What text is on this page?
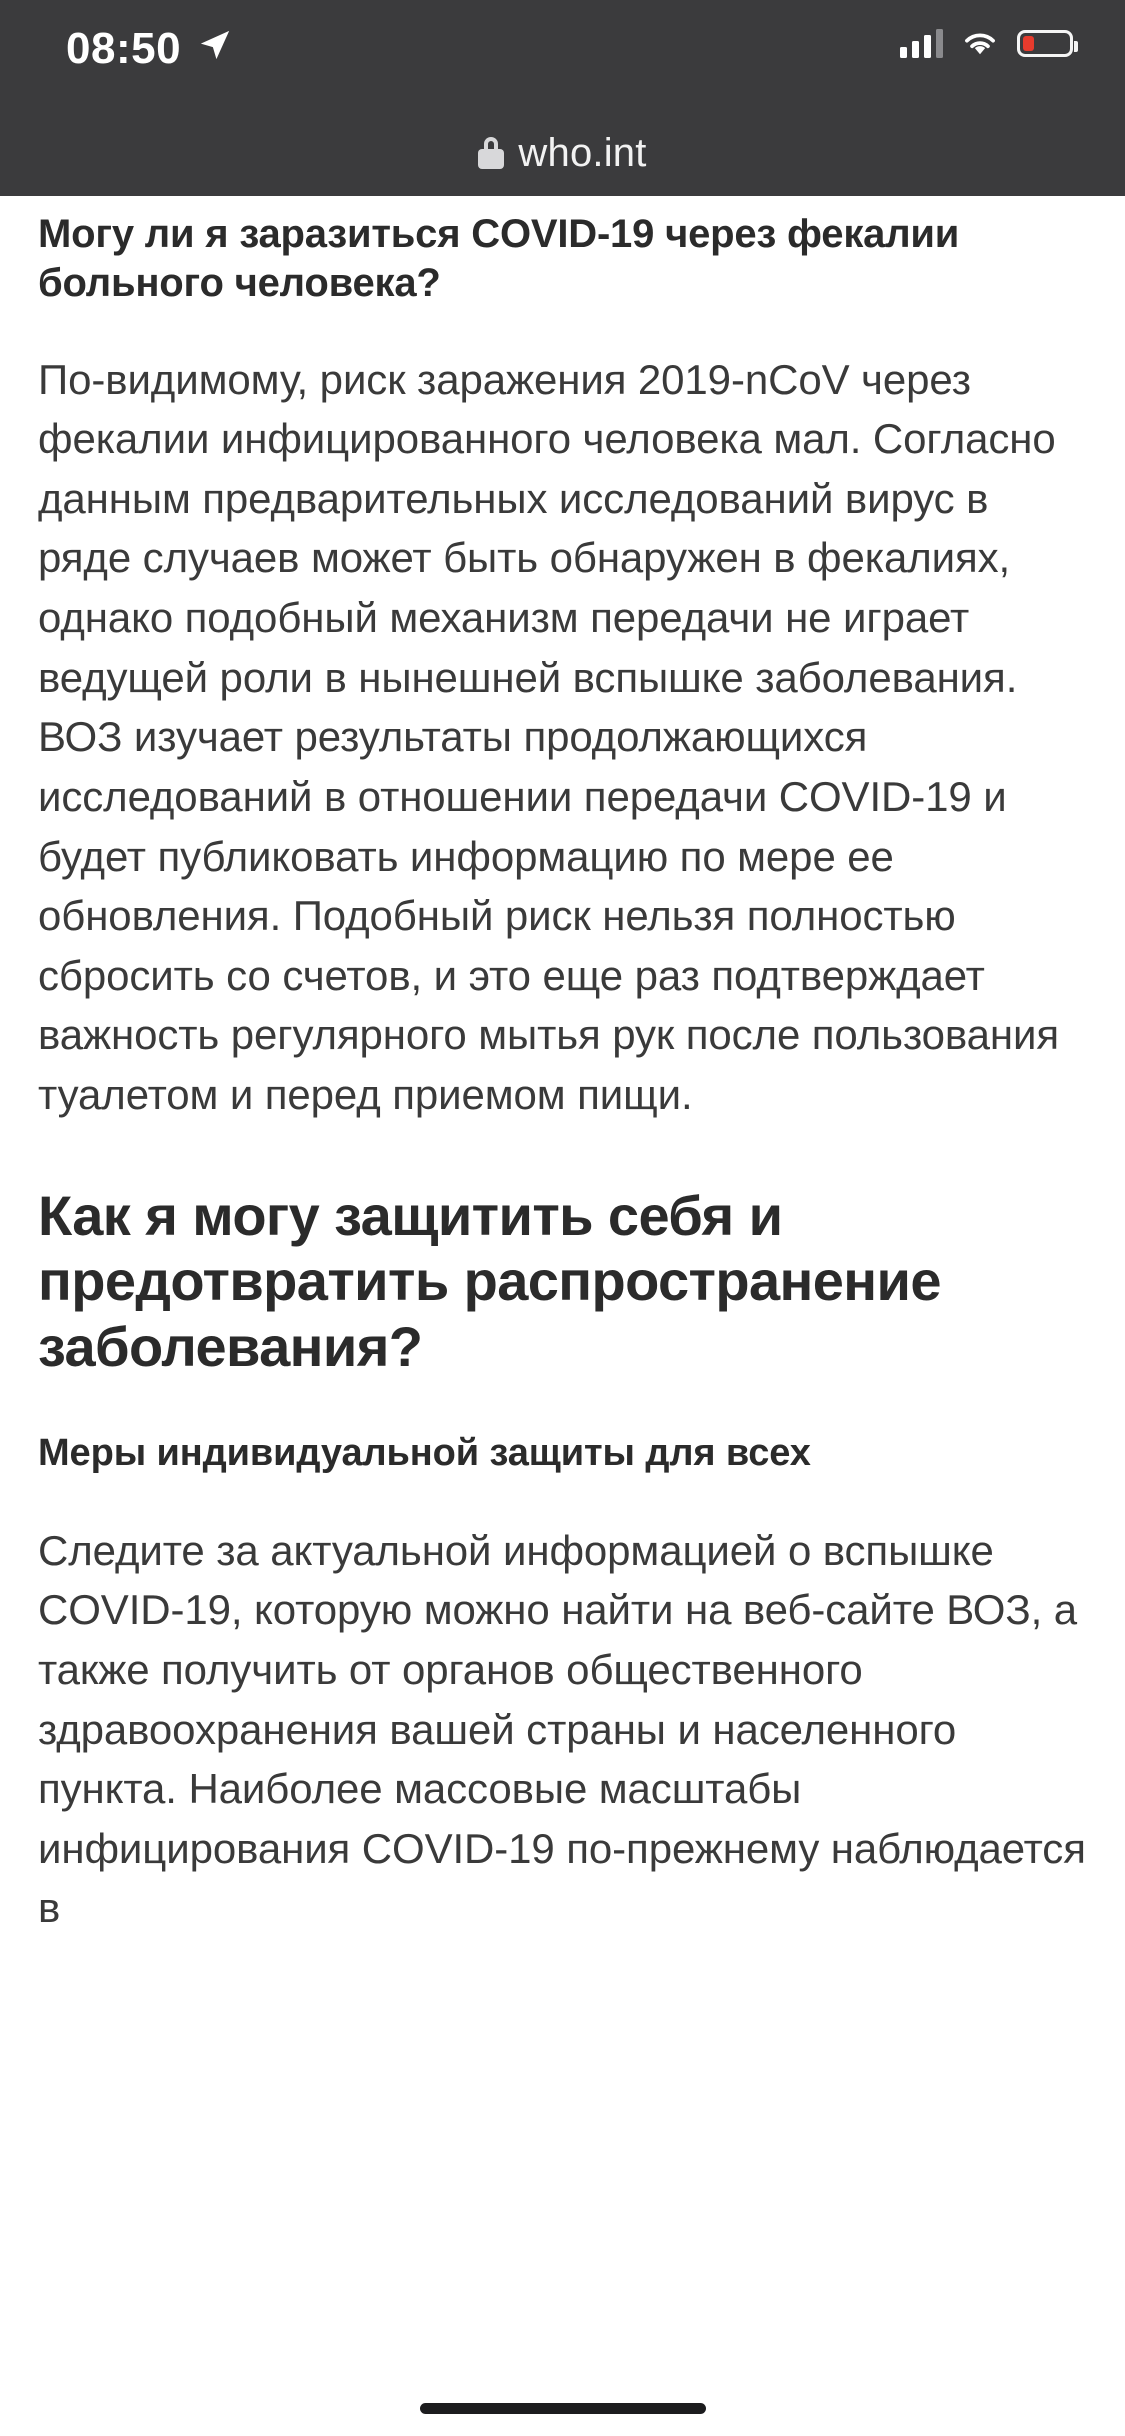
08:50
who.int
Могу ли я заразиться COVID-19 через фекалии больного человека?

По-видимому, риск заражения 2019-nCoV через фекалии инфицированного человека мал. Согласно данным предварительных исследований вирус в ряде случаев может быть обнаружен в фекалиях, однако подобный механизм передачи не играет ведущей роли в нынешней вспышке заболевания. ВОЗ изучает результаты продолжающихся исследований в отношении передачи COVID-19 и будет публиковать информацию по мере ее обновления. Подобный риск нельзя полностью сбросить со счетов, и это еще раз подтверждает важность регулярного мытья рук после пользования туалетом и перед приемом пищи.

Как я могу защитить себя и предотвратить распространение заболевания?
Меры индивидуальной защиты для всех

Следите за актуальной информацией о вспышке COVID-19, которую можно найти на веб-сайте ВОЗ, а также получить от органов общественного здравоохранения вашей страны и населенного пункта. Наиболее массовые масштабы инфицирования COVID-19 по-прежнему наблюдается в
